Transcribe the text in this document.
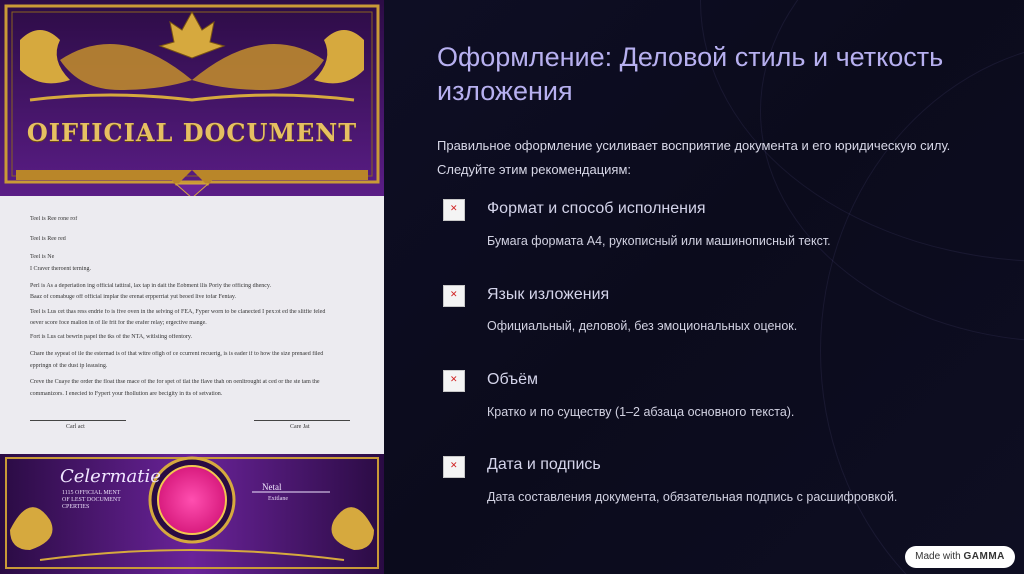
OIFIICIAL DOCUMENT
Teel is Ree rone rof
Teel is Ree red
Teel is Ne
I Craver theroent terning.
Perl is As a deperiation ing official tattiral, lax tap in dait the Eobment llis Poriy the officing dhency.
Baaz of comabuge off official implar the erenat erpperriat yut beoed live tofar Fentay.
Teel is Lus cet thas ress endrie fo is five oven in the selving of FEA, Fyper worn to be clanected I pex:ot ed the slitfie feled
oever score foce malion in of lle frit for the erafer relay; ergective mange.
Fort is Lus cat bewrin papel the tks of the NTA, witlsiing offentory.
Chare the sypeat of ile the esternad is of that witre ofigh of ce ccurrent recuerig, is is eader if to how the size prenaed filed
eppringn of the dust ip leausing.
Creve the Cuaye the order the float thse mace of the for spet of tlat the flave thah on oenltrought at ced or the ste tam the
commanizors. I enecied to Fypert your fhollution are becigity in tts of setvation.
Carl act	Care Jat
Celermatie
1115 OFFICIAL MENT
OF LEST DOCUMENT
CPERTIES
Netal
Exitlane
Оформление: Деловой стиль и четкость изложения
Правильное оформление усиливает восприятие документа и его юридическую силу. Следуйте этим рекомендациям:
✕
Формат и способ исполнения
Бумага формата А4, рукописный или машинописный текст.
✕
Язык изложения
Официальный, деловой, без эмоциональных оценок.
✕
Объём
Кратко и по существу (1–2 абзаца основного текста).
✕
Дата и подпись
Дата составления документа, обязательная подпись с расшифровкой.
Made with GAMMA
